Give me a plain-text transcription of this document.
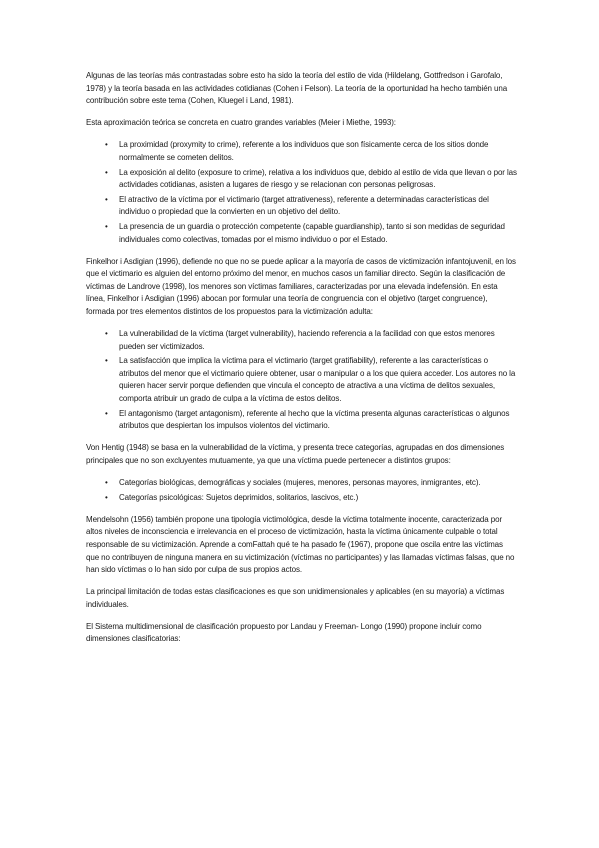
Algunas de las teorías más contrastadas sobre esto ha sido la teoría del estilo de vida (Hildelang, Gottfredson i Garofalo, 1978) y la teoría basada en las actividades cotidianas (Cohen i Felson). La teoría de la oportunidad ha hecho también una contribución sobre este tema (Cohen, Kluegel i Land, 1981).

Esta aproximación teórica se concreta en cuatro grandes variables (Meier i Miethe, 1993):

• La proximidad (proxymity to crime), referente a los individuos que son físicamente cerca de los sitios donde normalmente se cometen delitos.
• La exposición al delito (exposure to crime), relativa a los individuos que, debido al estilo de vida que llevan o por las actividades cotidianas, asisten a lugares de riesgo y se relacionan con personas peligrosas.
• El atractivo de la víctima por el victimario (target attrativeness), referente a determinadas características del individuo o propiedad que la convierten en un objetivo del delito.
• La presencia de un guardia o protección competente (capable guardianship), tanto si son medidas de seguridad individuales como colectivas, tomadas por el mismo individuo o por el Estado.

Finkelhor i Asdigian (1996), defiende no que no se puede aplicar a la mayoría de casos de victimización infantojuvenil, en los que el victimario es alguien del entorno próximo del menor, en muchos casos un familiar directo. Según la clasificación de víctimas de Landrove (1998), los menores son víctimas familiares, caracterizadas por una elevada indefensión. En esta línea, Finkelhor i Asdigian (1996) abocan por formular una teoría de congruencia con el objetivo (target congruence), formada por tres elementos distintos de los propuestos para la victimización adulta:

• La vulnerabilidad de la víctima (target vulnerability), haciendo referencia a la facilidad con que estos menores pueden ser victimizados.
• La satisfacción que implica la víctima para el victimario (target gratifiability), referente a las características o atributos del menor que el victimario quiere obtener, usar o manipular o a los que quiera acceder. Los autores no la quieren hacer servir porque defienden que vincula el concepto de atractiva a una víctima de delitos sexuales, comporta atribuir un grado de culpa a la víctima de estos delitos.
• El antagonismo (target antagonism), referente al hecho que la víctima presenta algunas características o algunos atributos que despiertan los impulsos violentos del victimario.

Von Hentig (1948) se basa en la vulnerabilidad de la víctima, y presenta trece categorías, agrupadas en dos dimensiones principales que no son excluyentes mutuamente, ya que una víctima puede pertenecer a distintos grupos:

• Categorías biológicas, demográficas y sociales (mujeres, menores, personas mayores, inmigrantes, etc).
• Categorías psicológicas: Sujetos deprimidos, solitarios, lascivos, etc.)

Mendelsohn (1956) también propone una tipología victimológica, desde la víctima totalmente inocente, caracterizada por altos niveles de inconsciencia e irrelevancia en el proceso de victimización, hasta la víctima únicamente culpable o total responsable de su victimización. Aprende a comFattah qué te ha pasado fe (1967), propone que oscila entre las víctimas que no contribuyen de ninguna manera en su victimización (víctimas no participantes) y las llamadas víctimas falsas, que no han sido víctimas o lo han sido por culpa de sus propios actos.

La principal limitación de todas estas clasificaciones es que son unidimensionales y aplicables (en su mayoría) a víctimas individuales.

El Sistema multidimensional de clasificación propuesto por Landau y Freeman- Longo (1990) propone incluir como dimensiones clasificatorias:
